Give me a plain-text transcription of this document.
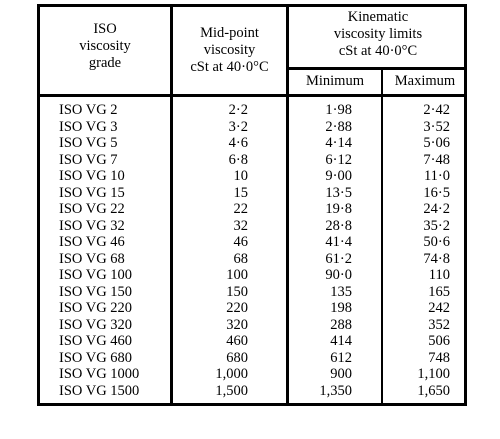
ISO
viscosity
grade
Mid-point
viscosity
cSt at 40·0°C
Kinematic
viscosity limits
cSt at 40·0°C
Minimum	Maximum
ISO VG 2	2·2	1·98	2·42
ISO VG 3	3·2	2·88	3·52
ISO VG 5	4·6	4·14	5·06
ISO VG 7	6·8	6·12	7·48
ISO VG 10	10	9·00	11·0
ISO VG 15	15	13·5	16·5
ISO VG 22	22	19·8	24·2
ISO VG 32	32	28·8	35·2
ISO VG 46	46	41·4	50·6
ISO VG 68	68	61·2	74·8
ISO VG 100	100	90·0	110
ISO VG 150	150	135	165
ISO VG 220	220	198	242
ISO VG 320	320	288	352
ISO VG 460	460	414	506
ISO VG 680	680	612	748
ISO VG 1000	1,000	900	1,100
ISO VG 1500	1,500	1,350	1,650
